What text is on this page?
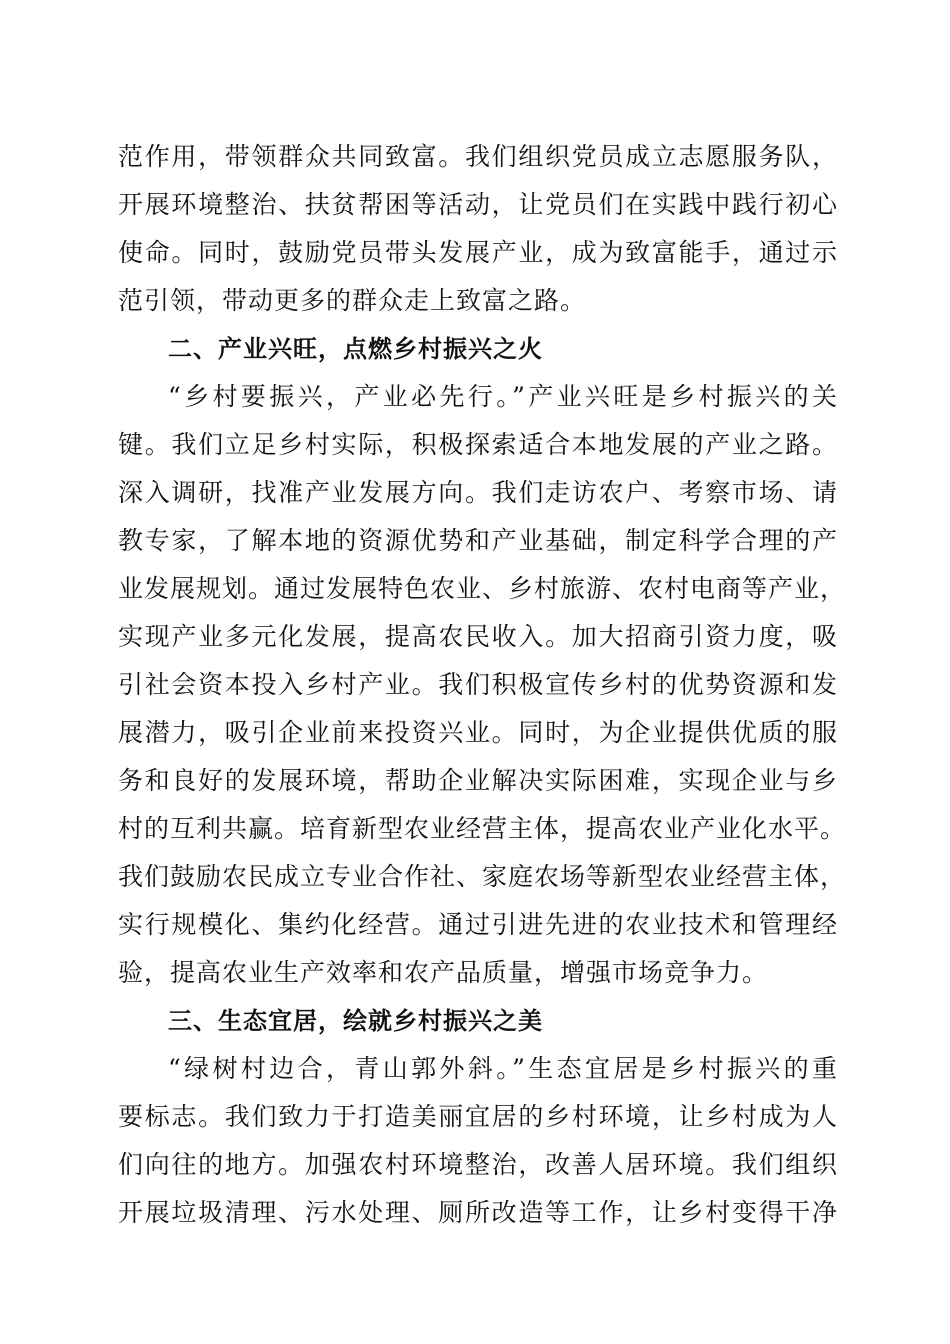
范作用，带领群众共同致富。我们组织党员成立志愿服务队，
开展环境整治、扶贫帮困等活动，让党员们在实践中践行初心
使命。同时，鼓励党员带头发展产业，成为致富能手，通过示
范引领，带动更多的群众走上致富之路。
二、产业兴旺，点燃乡村振兴之火
“乡村要振兴，产业必先行。”产业兴旺是乡村振兴的关
键。我们立足乡村实际，积极探索适合本地发展的产业之路。
深入调研，找准产业发展方向。我们走访农户、考察市场、请
教专家，了解本地的资源优势和产业基础，制定科学合理的产
业发展规划。通过发展特色农业、乡村旅游、农村电商等产业，
实现产业多元化发展，提高农民收入。加大招商引资力度，吸
引社会资本投入乡村产业。我们积极宣传乡村的优势资源和发
展潜力，吸引企业前来投资兴业。同时，为企业提供优质的服
务和良好的发展环境，帮助企业解决实际困难，实现企业与乡
村的互利共赢。培育新型农业经营主体，提高农业产业化水平。
我们鼓励农民成立专业合作社、家庭农场等新型农业经营主体，
实行规模化、集约化经营。通过引进先进的农业技术和管理经
验，提高农业生产效率和农产品质量，增强市场竞争力。
三、生态宜居，绘就乡村振兴之美
“绿树村边合，青山郭外斜。”生态宜居是乡村振兴的重
要标志。我们致力于打造美丽宜居的乡村环境，让乡村成为人
们向往的地方。加强农村环境整治，改善人居环境。我们组织
开展垃圾清理、污水处理、厕所改造等工作，让乡村变得干净
